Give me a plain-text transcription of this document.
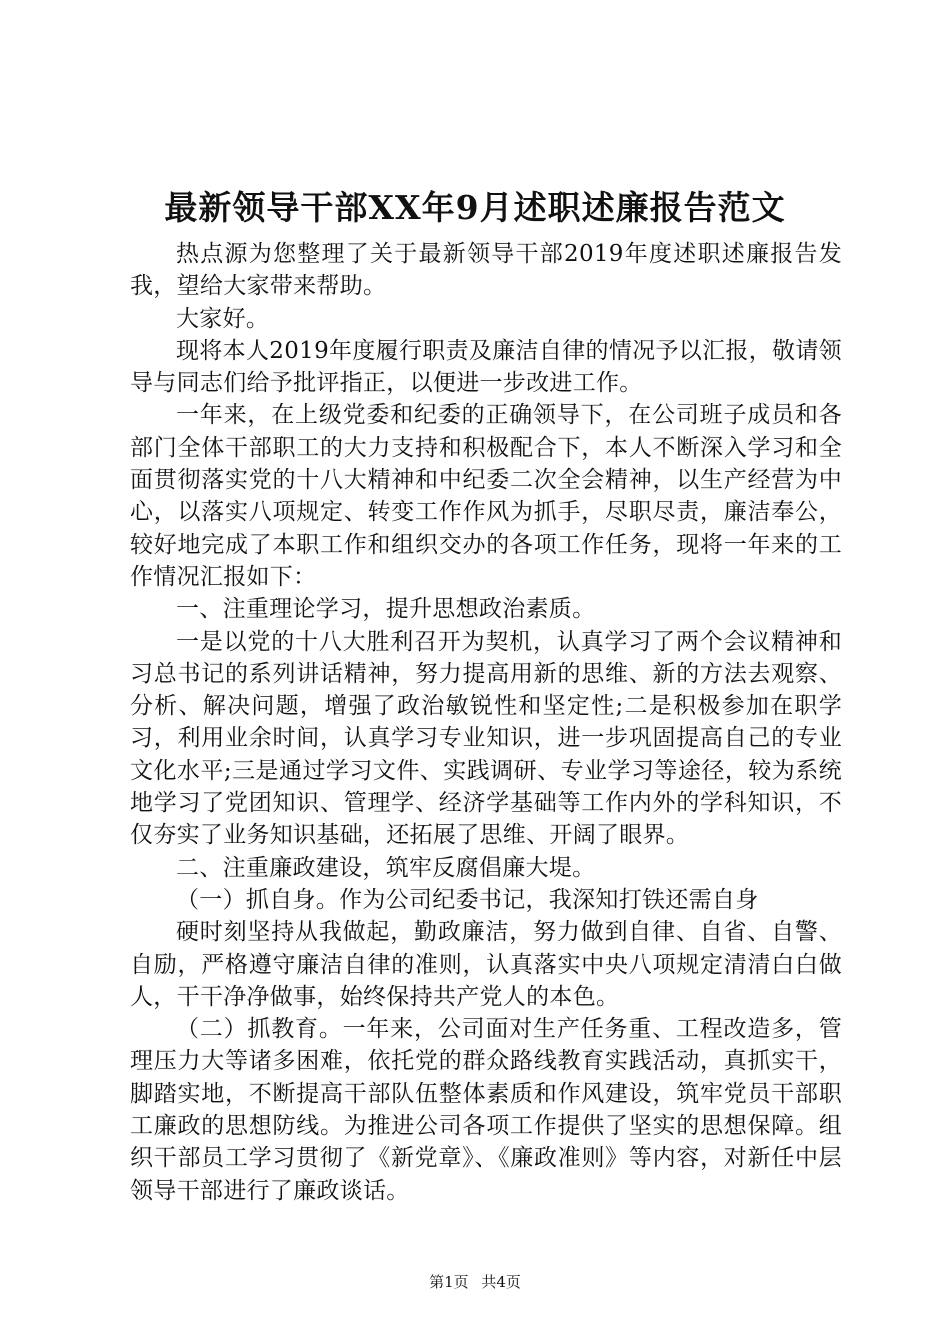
最新领导干部XX年9月述职述廉报告范文

热点源为您整理了关于最新领导干部2019年度述职述廉报告发我，望给大家带来帮助。

大家好。

现将本人2019年度履行职责及廉洁自律的情况予以汇报，敬请领导与同志们给予批评指正，以便进一步改进工作。

一年来，在上级党委和纪委的正确领导下，在公司班子成员和各部门全体干部职工的大力支持和积极配合下，本人不断深入学习和全面贯彻落实党的十八大精神和中纪委二次全会精神，以生产经营为中心，以落实八项规定、转变工作作风为抓手，尽职尽责，廉洁奉公，较好地完成了本职工作和组织交办的各项工作任务，现将一年来的工作情况汇报如下：

一、注重理论学习，提升思想政治素质。

一是以党的十八大胜利召开为契机，认真学习了两个会议精神和习总书记的系列讲话精神，努力提高用新的思维、新的方法去观察、分析、解决问题，增强了政治敏锐性和坚定性;二是积极参加在职学习，利用业余时间，认真学习专业知识，进一步巩固提高自己的专业文化水平;三是通过学习文件、实践调研、专业学习等途径，较为系统地学习了党团知识、管理学、经济学基础等工作内外的学科知识，不仅夯实了业务知识基础，还拓展了思维、开阔了眼界。

二、注重廉政建设，筑牢反腐倡廉大堤。

（一）抓自身。作为公司纪委书记，我深知打铁还需自身

硬时刻坚持从我做起，勤政廉洁，努力做到自律、自省、自警、自励，严格遵守廉洁自律的准则，认真落实中央八项规定清清白白做人，干干净净做事，始终保持共产党人的本色。

（二）抓教育。一年来，公司面对生产任务重、工程改造多，管理压力大等诸多困难，依托党的群众路线教育实践活动，真抓实干，脚踏实地，不断提高干部队伍整体素质和作风建设，筑牢党员干部职工廉政的思想防线。为推进公司各项工作提供了坚实的思想保障。组织干部员工学习贯彻了《新党章》、《廉政准则》等内容，对新任中层领导干部进行了廉政谈话。

第1页 共4页
